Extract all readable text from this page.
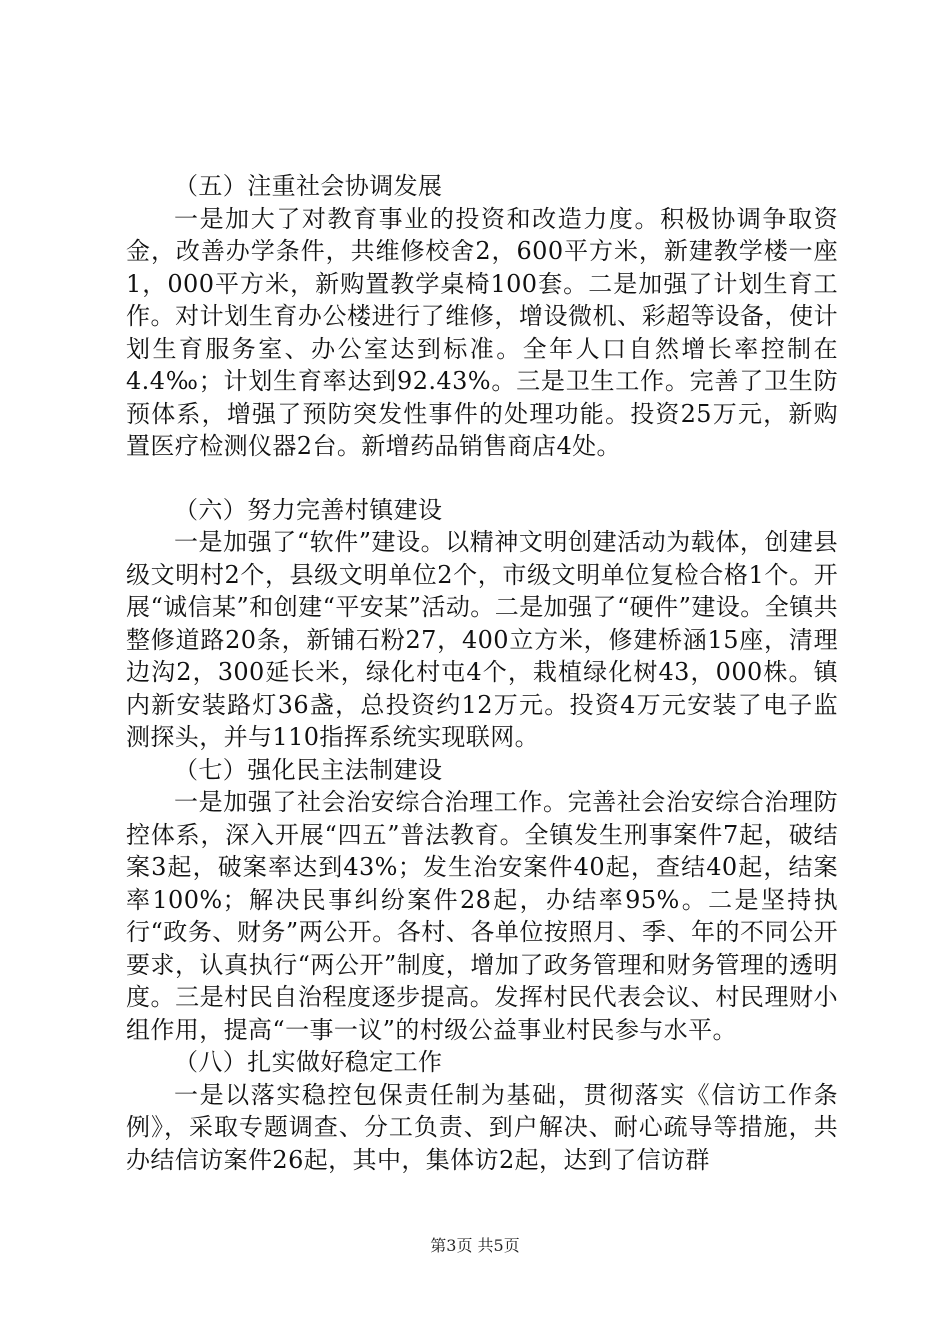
（五）注重社会协调发展

一是加大了对教育事业的投资和改造力度。积极协调争取资金，改善办学条件，共维修校舍2，600平方米，新建教学楼一座1，000平方米，新购置教学桌椅100套。二是加强了计划生育工作。对计划生育办公楼进行了维修，增设微机、彩超等设备，使计划生育服务室、办公室达到标准。全年人口自然增长率控制在4.4‰；计划生育率达到92.43%。三是卫生工作。完善了卫生防预体系，增强了预防突发性事件的处理功能。投资25万元，新购置医疗检测仪器2台。新增药品销售商店4处。

（六）努力完善村镇建设

一是加强了“软件”建设。以精神文明创建活动为载体，创建县级文明村2个，县级文明单位2个，市级文明单位复检合格1个。开展“诚信某”和创建“平安某”活动。二是加强了“硬件”建设。全镇共整修道路20条，新铺石粉27，400立方米，修建桥涵15座，清理边沟2，300延长米，绿化村屯4个，栽植绿化树43，000株。镇内新安装路灯36盏，总投资约12万元。投资4万元安装了电子监测探头，并与110指挥系统实现联网。

（七）强化民主法制建设

一是加强了社会治安综合治理工作。完善社会治安综合治理防控体系，深入开展“四五”普法教育。全镇发生刑事案件7起，破结案3起，破案率达到43%；发生治安案件40起，查结40起，结案率100%；解决民事纠纷案件28起，办结率95%。二是坚持执行“政务、财务”两公开。各村、各单位按照月、季、年的不同公开要求，认真执行“两公开”制度，增加了政务管理和财务管理的透明度。三是村民自治程度逐步提高。发挥村民代表会议、村民理财小组作用，提高“一事一议”的村级公益事业村民参与水平。

（八）扎实做好稳定工作

一是以落实稳控包保责任制为基础，贯彻落实《信访工作条例》，采取专题调查、分工负责、到户解决、耐心疏导等措施，共办结信访案件26起，其中，集体访2起，达到了信访群

第3页 共5页
